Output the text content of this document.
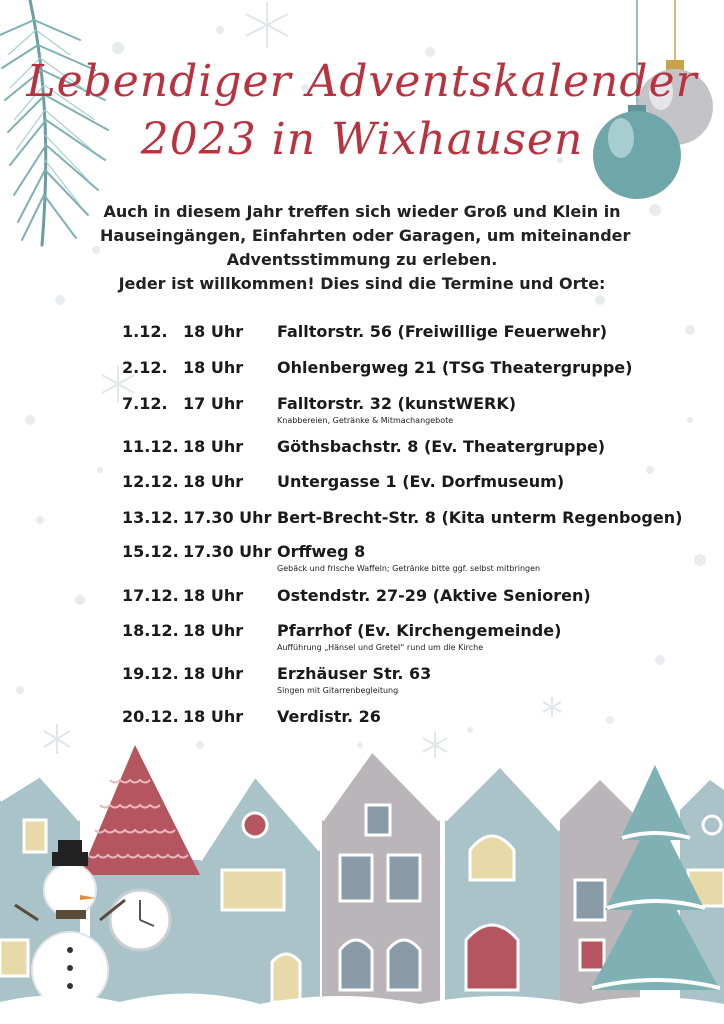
Lebendiger Adventskalender
2023 in Wixhausen
Auch in diesem Jahr treffen sich wieder Groß und Klein in
Hauseingängen, Einfahrten oder Garagen, um miteinander
Adventsstimmung zu erleben.
Jeder ist willkommen! Dies sind die Termine und Orte:
1.12. 18 Uhr Falltorstr. 56 (Freiwillige Feuerwehr)
2.12. 18 Uhr Ohlenbergweg 21 (TSG Theatergruppe)
7.12. 17 Uhr Falltorstr. 32 (kunstWERK)
Knabbereien, Getränke & Mitmachangebote
11.12. 18 Uhr Göthsbachstr. 8 (Ev. Theatergruppe)
12.12. 18 Uhr Untergasse 1 (Ev. Dorfmuseum)
13.12. 17.30 Uhr Bert-Brecht-Str. 8 (Kita unterm Regenbogen)
15.12. 17.30 Uhr Orffweg 8
Gebäck und frische Waffeln; Getränke bitte ggf. selbst mitbringen
17.12. 18 Uhr Ostendstr. 27-29 (Aktive Senioren)
18.12. 18 Uhr Pfarrhof (Ev. Kirchengemeinde)
Aufführung „Hänsel und Gretel“ rund um die Kirche
19.12. 18 Uhr Erzhäuser Str. 63
Singen mit Gitarrenbegleitung
20.12. 18 Uhr Verdistr. 26
